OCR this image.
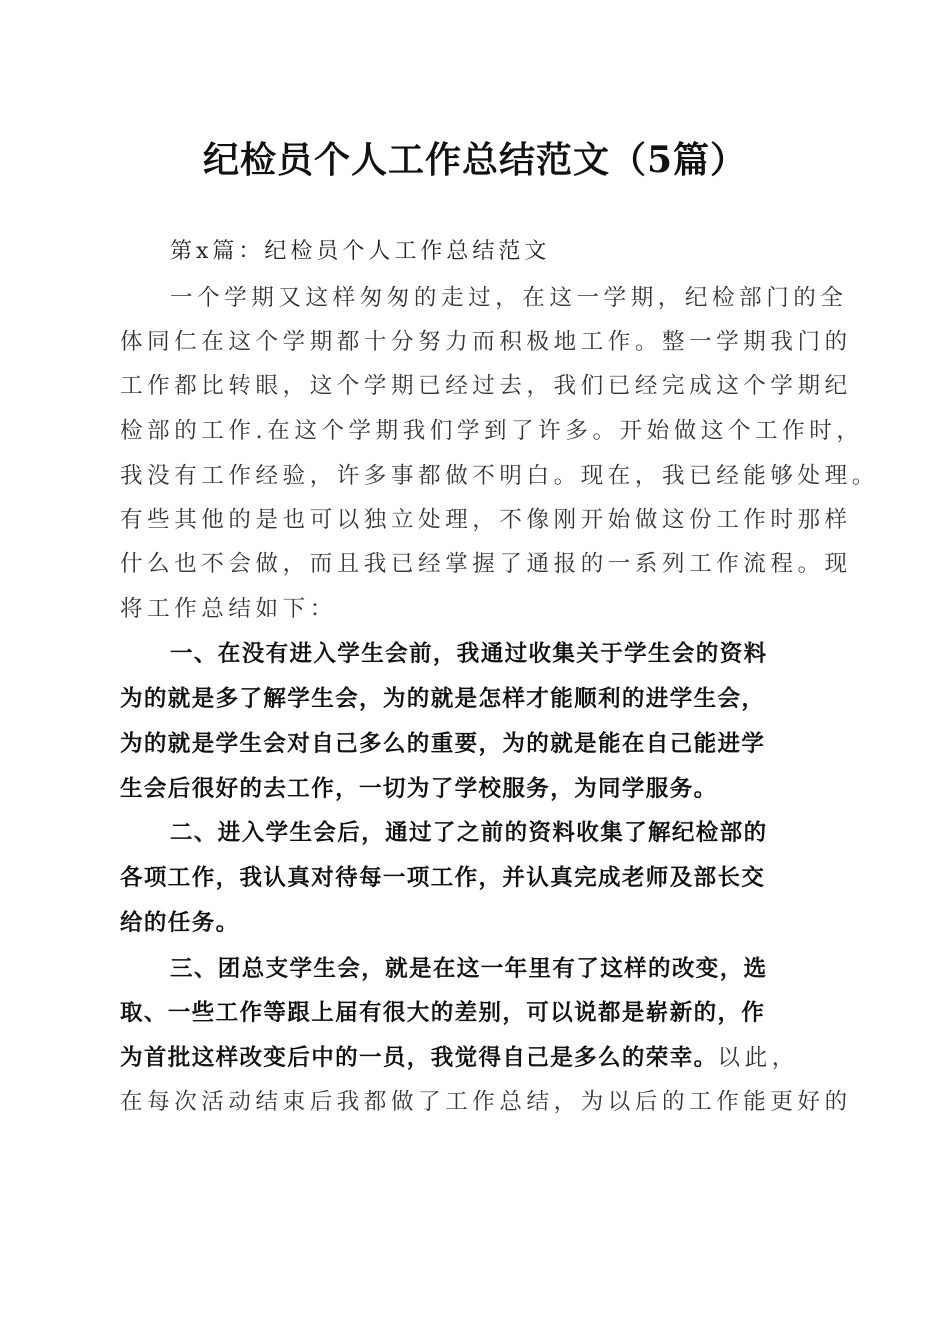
纪检员个人工作总结范文（5篇）
第x篇：纪检员个人工作总结范文
一个学期又这样匆匆的走过，在这一学期，纪检部门的全
体同仁在这个学期都十分努力而积极地工作。整一学期我门的
工作都比转眼，这个学期已经过去，我们已经完成这个学期纪
检部的工作.在这个学期我们学到了许多。开始做这个工作时，
我没有工作经验，许多事都做不明白。现在，我已经能够处理。
有些其他的是也可以独立处理，不像刚开始做这份工作时那样
什么也不会做，而且我已经掌握了通报的一系列工作流程。现
将工作总结如下：
一、在没有进入学生会前，我通过收集关于学生会的资料
为的就是多了解学生会，为的就是怎样才能顺利的进学生会，
为的就是学生会对自己多么的重要，为的就是能在自己能进学
生会后很好的去工作，一切为了学校服务，为同学服务。
二、进入学生会后，通过了之前的资料收集了解纪检部的
各项工作，我认真对待每一项工作，并认真完成老师及部长交
给的任务。
三、团总支学生会，就是在这一年里有了这样的改变，选
取、一些工作等跟上届有很大的差别，可以说都是崭新的，作
为首批这样改变后中的一员，我觉得自己是多么的荣幸。以此，
在每次活动结束后我都做了工作总结，为以后的工作能更好的
